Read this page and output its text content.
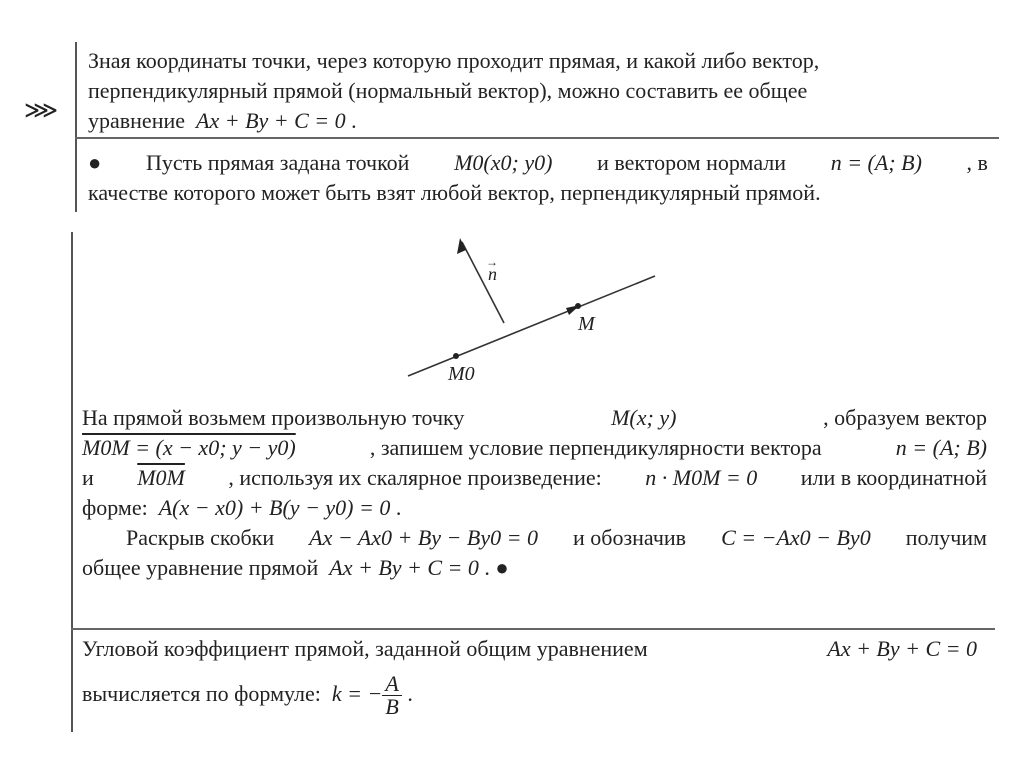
⋙
Зная координаты точки, через которую проходит прямая, и какой либо вектор,
перпендикулярный прямой (нормальный вектор), можно составить ее общее
уравнение Ax + By + C = 0 .
● Пусть прямая задана точкой M0(x0; y0) и вектором нормали n = (A; B) , в
качестве которого может быть взят любой вектор, перпендикулярный прямой.
n
→
M
M0
На прямой возьмем произвольную точку	M(x; y)	, образуем вектор
M0M = (x − x0; y − y0)	, запишем условие перпендикулярности вектора	n = (A; B)
и M0M , используя их скалярное произведение: n · M0M = 0 или в координатной
форме: A(x − x0) + B(y − y0) = 0 .
Раскрыв скобки Ax − Ax0 + By − By0 = 0 и обозначив C = −Ax0 − By0 получим
общее уравнение прямой Ax + By + C = 0 . ●
Угловой коэффициент прямой, заданной общим уравнением	Ax + By + C = 0
вычисляется по формуле: k = − $\frac{A}{B}$ .
